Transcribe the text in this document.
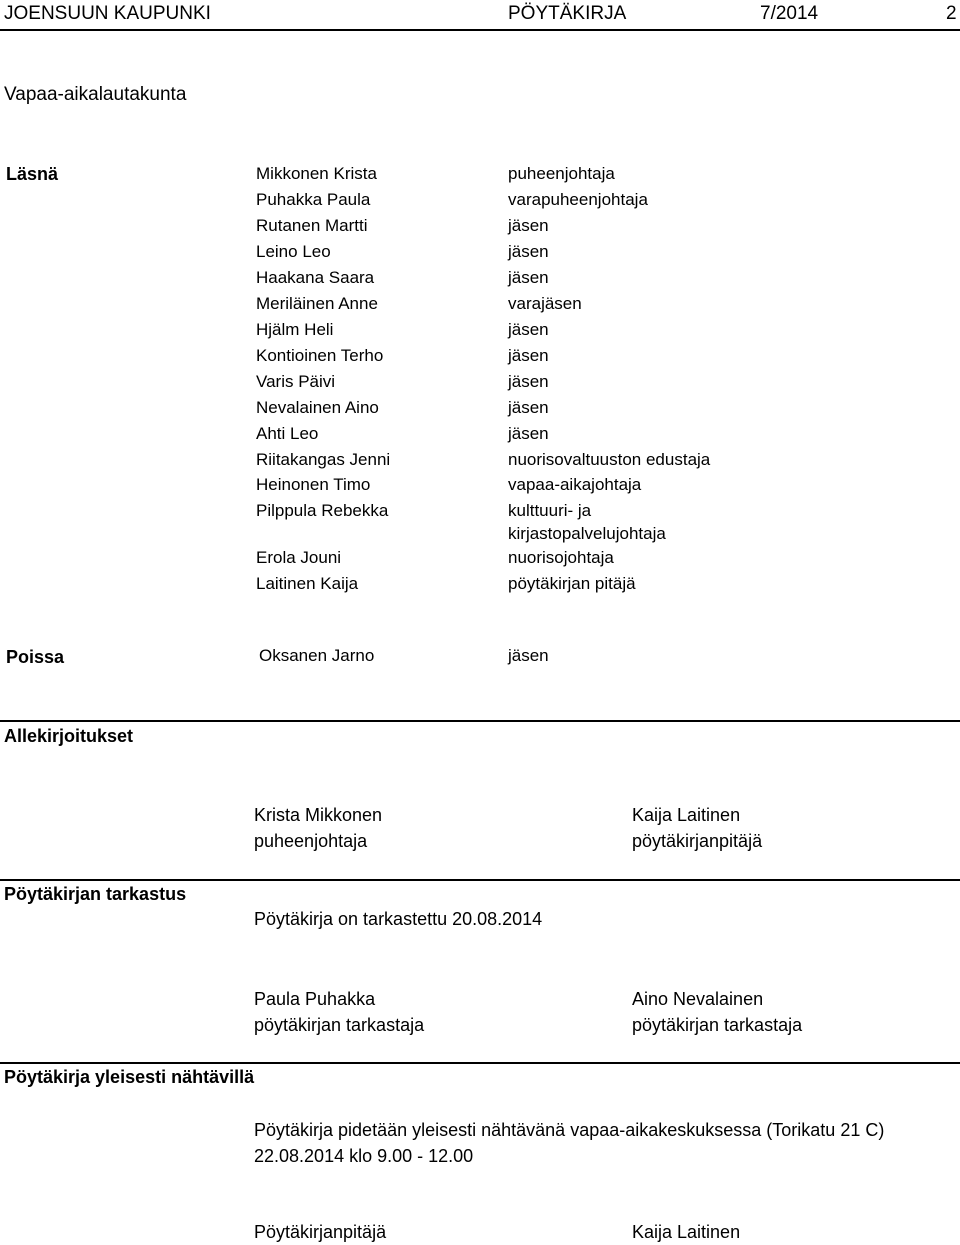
JOENSUUN KAUPUNKI	PÖYTÄKIRJA	7/2014	2
Vapaa-aikalautakunta
Läsnä	Mikkonen Krista	puheenjohtaja
Puhakka Paula	varapuheenjohtaja
Rutanen Martti	jäsen
Leino Leo	jäsen
Haakana Saara	jäsen
Meriläinen Anne	varajäsen
Hjälm Heli	jäsen
Kontioinen Terho	jäsen
Varis Päivi	jäsen
Nevalainen Aino	jäsen
Ahti Leo	jäsen
Riitakangas Jenni	nuorisovaltuuston edustaja
Heinonen Timo	vapaa-aikajohtaja
Pilppula Rebekka	kulttuuri- ja
kirjastopalvelujohtaja
Erola Jouni	nuorisojohtaja
Laitinen Kaija	pöytäkirjan pitäjä
Poissa	Oksanen Jarno	jäsen
Allekirjoitukset
Krista Mikkonen
puheenjohtaja
Kaija Laitinen
pöytäkirjanpitäjä
Pöytäkirjan tarkastus
Pöytäkirja on tarkastettu 20.08.2014
Paula Puhakka
pöytäkirjan tarkastaja
Aino Nevalainen
pöytäkirjan tarkastaja
Pöytäkirja yleisesti nähtävillä
Pöytäkirja pidetään yleisesti nähtävänä vapaa-aikakeskuksessa (Torikatu 21 C)
22.08.2014 klo 9.00 - 12.00
Pöytäkirjanpitäjä	Kaija Laitinen
